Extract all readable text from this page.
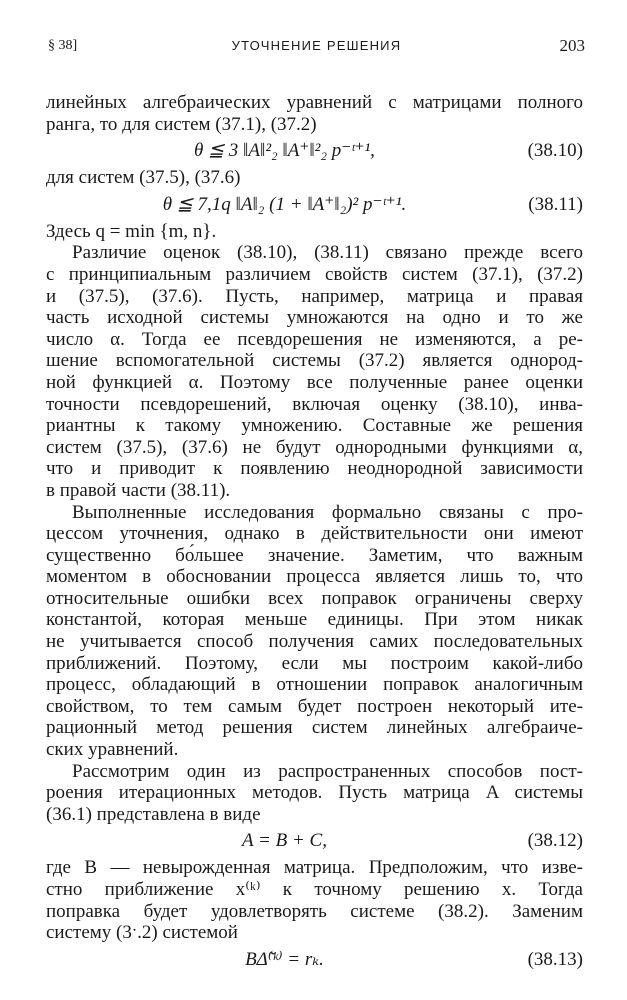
§ 38]	УТОЧНЕНИЕ РЕШЕНИЯ	203

линейных алгебраических уравнений с матрицами полного

ранга, то для систем (37.1), (37.2)

θ ≦ 3 ‖A‖²₂ ‖A⁺‖²₂ p⁻ᵗ⁺¹,	(38.10)

для систем (37.5), (37.6)

θ ≦ 7,1q ‖A‖₂ (1 + ‖A⁺‖₂)² p⁻ᵗ⁺¹.	(38.11)

Здесь q = min {m, n}.

Различие оценок (38.10), (38.11) связано прежде всего

с принципиальным различием свойств систем (37.1), (37.2)

и (37.5), (37.6). Пусть, например, матрица и правая

часть исходной системы умножаются на одно и то же

число α. Тогда ее псевдорешения не изменяются, а ре-

шение вспомогательной системы (37.2) является однород-

ной функцией α. Поэтому все полученные ранее оценки

точности псевдорешений, включая оценку (38.10), инва-

риантны к такому умножению. Составные же решения

систем (37.5), (37.6) не будут однородными функциями α,

что и приводит к появлению неоднородной зависимости

в правой части (38.11).

Выполненные исследования формально связаны с про-

цессом уточнения, однако в действительности они имеют

существенно бо́льшее значение. Заметим, что важным

моментом в обосновании процесса является лишь то, что

относительные ошибки всех поправок ограничены сверху

константой, которая меньше единицы. При этом никак

не учитывается способ получения самих последовательных

приближений. Поэтому, если мы построим какой-либо

процесс, обладающий в отношении поправок аналогичным

свойством, то тем самым будет построен некоторый ите-

рационный метод решения систем линейных алгебраиче-

ских уравнений.

Рассмотрим один из распространенных способов пост-

роения итерационных методов. Пусть матрица A системы

(36.1) представлена в виде

A = B + C,	(38.12)

где B — невырожденная матрица. Предположим, что изве-

стно приближение x⁽ᵏ⁾ к точному решению x. Тогда

поправка будет удовлетворять системе (38.2). Заменим

систему (3ˑ.2) системой

BΔ̃⁽ᵏ⁾ = rₖ.	(38.13)
